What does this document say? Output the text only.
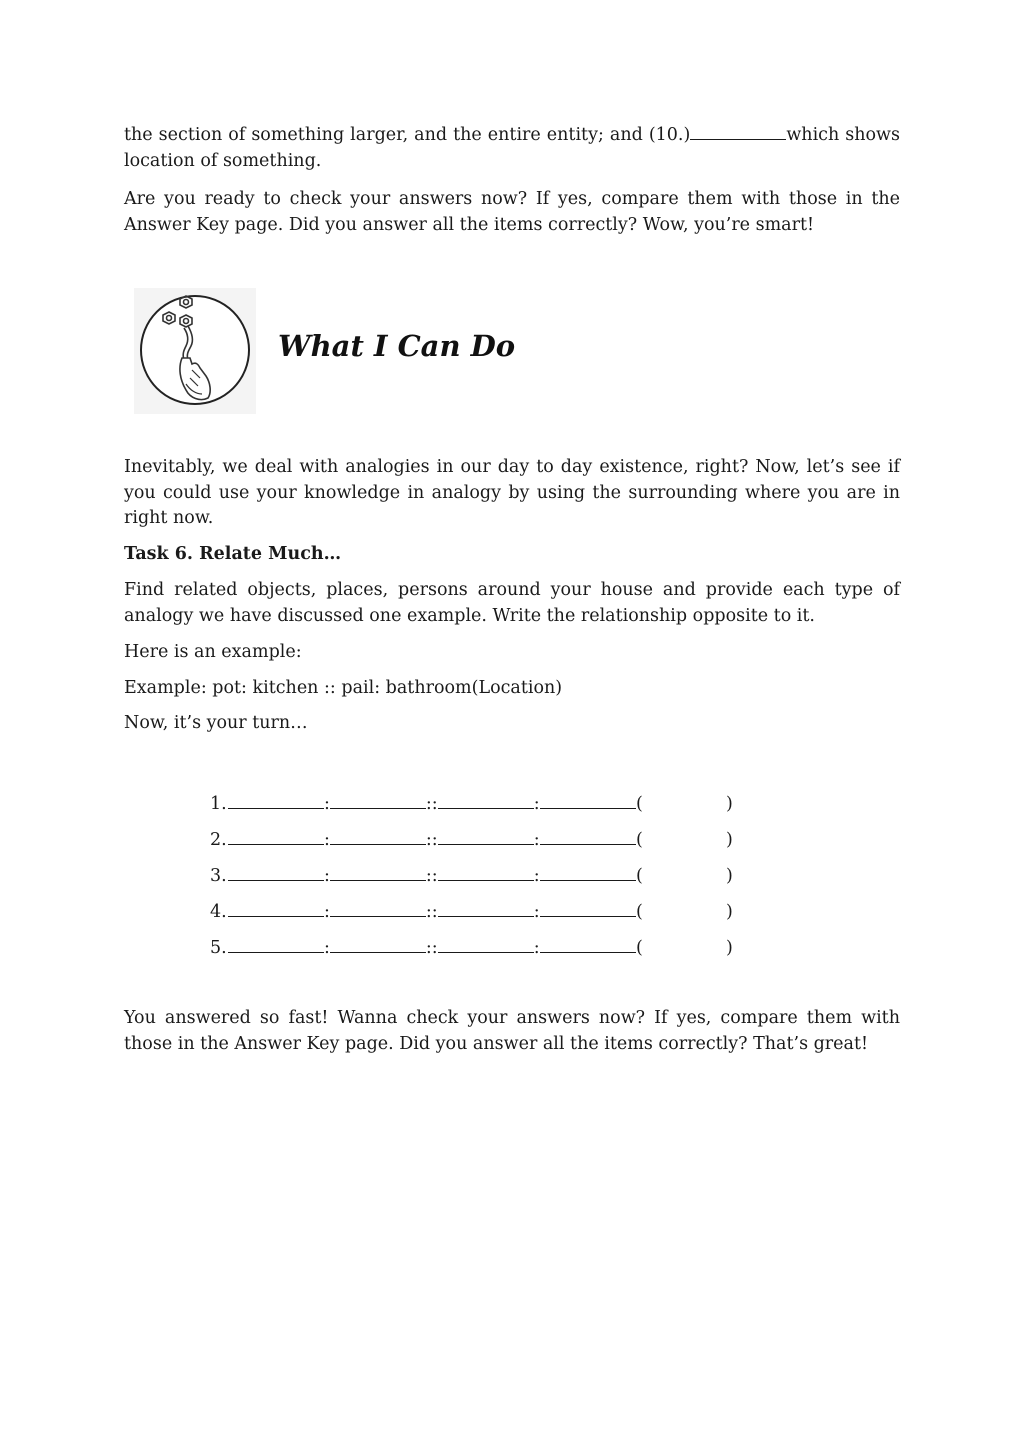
the section of something larger, and the entire entity; and (10.)	which shows location of something.

Are you ready to check your answers now? If yes, compare them with those in the Answer Key page. Did you answer all the items correctly? Wow, you’re smart!

What I Can Do

Inevitably, we deal with analogies in our day to day existence, right? Now, let’s see if you could use your knowledge in analogy by using the surrounding where you are in right now.

Task 6. Relate Much…

Find related objects, places, persons around your house and provide each type of analogy we have discussed one example. Write the relationship opposite to it.

Here is an example:

Example: pot: kitchen :: pail: bathroom(Location)

Now, it’s your turn…

1.	:	::	:	(	)
2.	:	::	:	(	)
3.	:	::	:	(	)
4.	:	::	:	(	)
5.	:	::	:	(	)

You answered so fast! Wanna check your answers now? If yes, compare them with those in the Answer Key page. Did you answer all the items correctly? That’s great!
